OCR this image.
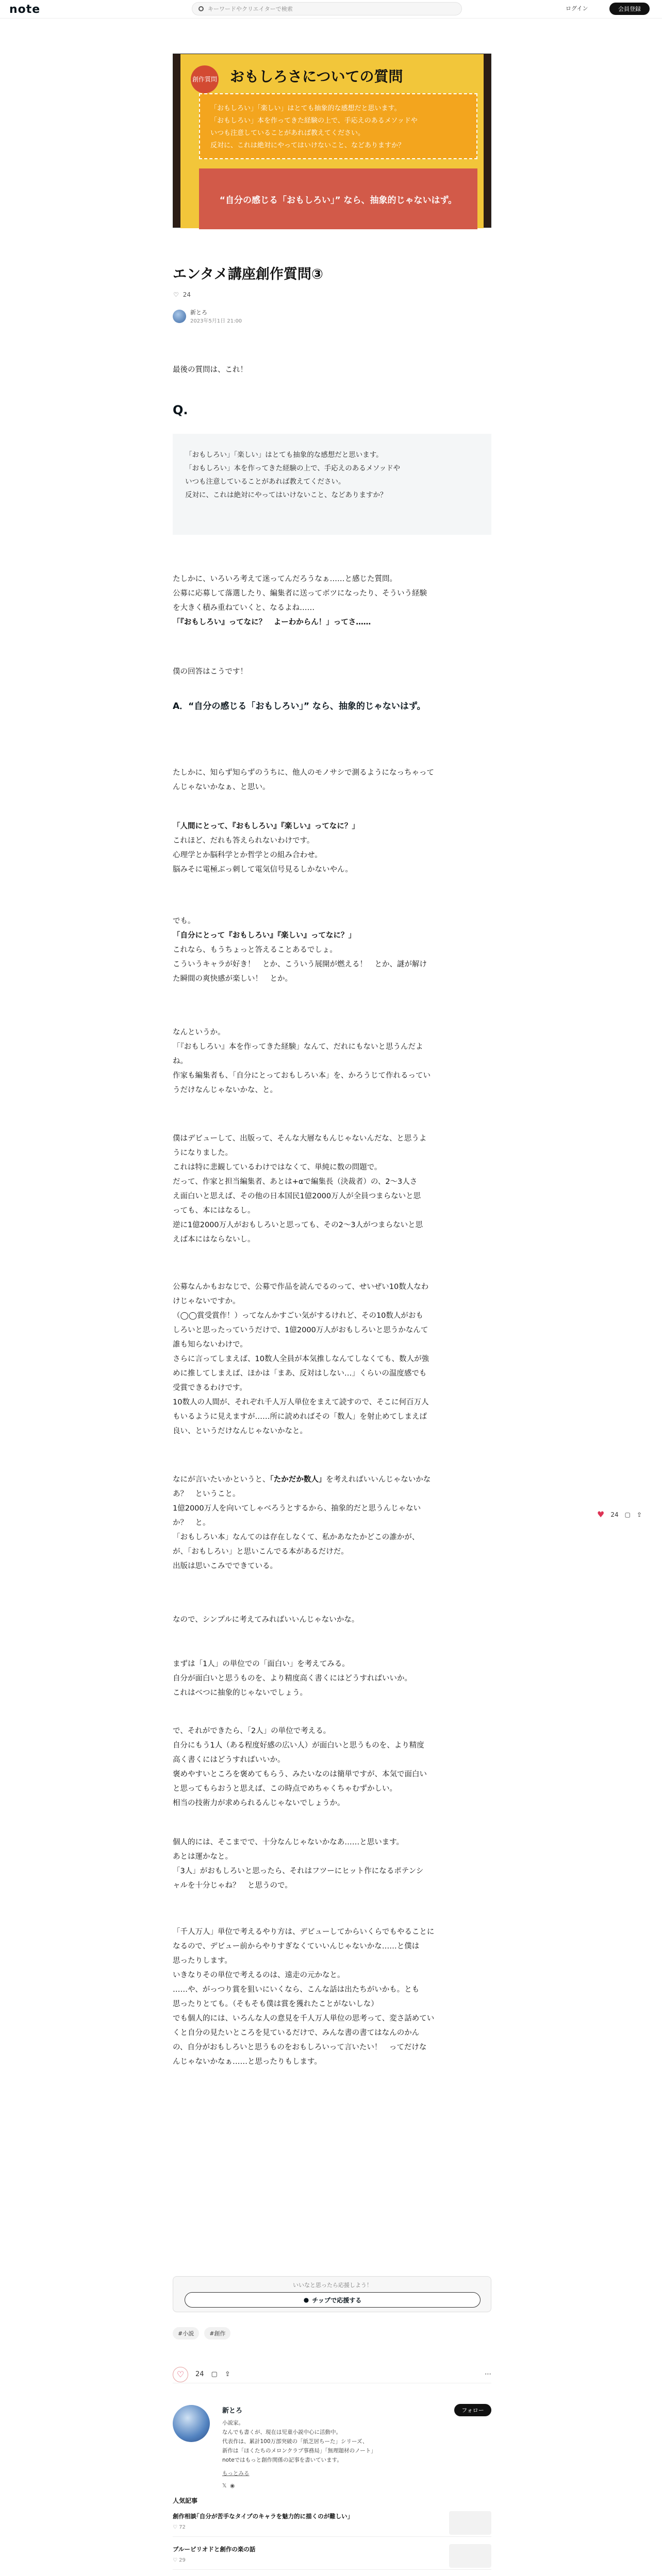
note	キーワードやクリエイターで検索	ログイン	会員登録
創作質問 おもしろさについての質問
「おもしろい」「楽しい」はとても抽象的な感想だと思います。
「おもしろい」本を作ってきた経験の上で、手応えのあるメソッドや
いつも注意していることがあれば教えてください。
反対に、これは絶対にやってはいけないこと、などありますか？
“自分の感じる「おもしろい」” なら、抽象的じゃないはず。
エンタメ講座創作質問③
♡ 24
新とろ
2023年5月1日 21:00
最後の質問は、これ！
Q.
「おもしろい」「楽しい」はとても抽象的な感想だと思います。
「おもしろい」本を作ってきた経験の上で、手応えのあるメソッドや
いつも注意していることがあれば教えてください。
反対に、これは絶対にやってはいけないこと、などありますか？
たしかに、いろいろ考えて迷ってんだろうなぁ……と感じた質問。
公募に応募して落選したり、編集者に送ってボツになったり、そういう経験
を大きく積み重ねていくと、なるよね……
「『おもしろい』ってなに？　よーわからん！」ってさ……
僕の回答はこうです！
A．“自分の感じる「おもしろい」” なら、抽象的じゃないはず。
たしかに、知らず知らずのうちに、他人のモノサシで測るようになっちゃって
んじゃないかなぁ、と思い。
「人間にとって、『おもしろい』『楽しい』ってなに？」
これほど、だれも答えられないわけです。
心理学とか脳科学とか哲学との組み合わせ。
脳みそに電極ぶっ刺して電気信号見るしかないやん。
でも。
「自分にとって『おもしろい』『楽しい』ってなに？」
これなら、もうちょっと答えることあるでしょ。
こういうキャラが好き！　とか、こういう展開が燃える！　とか、謎が解け
た瞬間の爽快感が楽しい！　とか。
なんというか。
「『おもしろい』本を作ってきた経験」なんて、だれにもないと思うんだよ
ね。
作家も編集者も、「自分にとっておもしろい本」を、かろうじて作れるってい
うだけなんじゃないかな、と。
僕はデビューして、出版って、そんな大層なもんじゃないんだな、と思うよ
うになりました。
これは特に悲観しているわけではなくて、単純に数の問題で。
だって、作家と担当編集者、あとは+αで編集長（決裁者）の、2〜3人さ
え面白いと思えば、その他の日本国民1億2000万人が全員つまらないと思
っても、本にはなるし。
逆に1億2000万人がおもしろいと思っても、その2〜3人がつまらないと思
えば本にはならないし。
公募なんかもおなじで、公募で作品を読んでるのって、せいぜい10数人なわ
けじゃないですか。
（◯◯賞受賞作！）ってなんかすごい気がするけれど、その10数人がおも
しろいと思ったっていうだけで、1億2000万人がおもしろいと思うかなんて
誰も知らないわけで。
さらに言ってしまえば、10数人全員が本気推しなんてしなくても、数人が強
めに推してしまえば、ほかは「まあ、反対はしない…」くらいの温度感でも
受賞できるわけです。
10数人の人間が、それぞれ千人万人単位をまえて読すので、そこに何百万人
もいるように見えますが……所に読めればその「数人」を射止めてしまえば
良い、というだけなんじゃないかなと。
なにが言いたいかというと、「たかだか数人」を考えればいいんじゃないかな
あ？　ということ。
1億2000万人を向いてしゃべろうとするから、抽象的だと思うんじゃない
か？　と。
「おもしろい本」なんてのは存在しなくて、私かあなたかどこの誰かが、
が、「おもしろい」と思いこんでる本があるだけだ。
出版は思いこみでできている。
なので、シンプルに考えてみればいいんじゃないかな。
まずは「1人」の単位での「面白い」を考えてみる。
自分が面白いと思うものを、より精度高く書くにはどうすればいいか。
これはべつに抽象的じゃないでしょう。
で、それができたら、「2人」の単位で考える。
自分にもう1人（ある程度好感の広い人）が面白いと思うものを、より精度
高く書くにはどうすればいいか。
褒めやすいところを褒めてもらう、みたいなのは簡単ですが、本気で面白い
と思ってもらおうと思えば、この時点でめちゃくちゃむずかしい。
相当の技術力が求められるんじゃないでしょうか。
個人的には、そこまでで、十分なんじゃないかなあ……と思います。
あとは運かなと。
「3人」がおもしろいと思ったら、それはフツーにヒット作になるポテンシ
ャルを十分じゃね？　と思うので。
「千人万人」単位で考えるやり方は、デビューしてからいくらでもやることに
なるので、デビュー前からやりすぎなくていいんじゃないかな……と僕は
思ったりします。
いきなりその単位で考えるのは、遠走の元かなと。
……や、がっつり賞を狙いにいくなら、こんな話は出たちがいかも。とも
思ったりとても。（そもそも僕は賞を獲れたことがないしな）
でも個人的には、いろんな人の意見を千人万人単位の思考って、変さ話めてい
くと自分の見たいところを見ているだけで、みんな書の書てはなんのかん
の、自分がおもしろいと思うものをおもしろいって言いたい！　ってだけな
んじゃないかなぁ……と思ったりもします。
♥ 24 ▢ ⇪
いいなと思ったら応援しよう！
● チップで応援する
#小説	#創作
♡	24 ▢ ⇪	⋯
新とろ	フォロー
小説家。
なんでも書くが、現在は児童小説中心に活動中。
代表作は、累計100万部突破の「紙芝居ちーた」シリーズ、
新作は「ほくたちのメロンクラブ事務局」「無理題材のノート」
noteではもっと創作関係の記事を書いています。
もっとみる
𝕏 ◉
人気記事
創作相談｢自分が苦手なタイプのキャラを魅力的に描くのが難しい｣
♡ 72
ブルーピリオドと創作の楽の話
♡ 29
